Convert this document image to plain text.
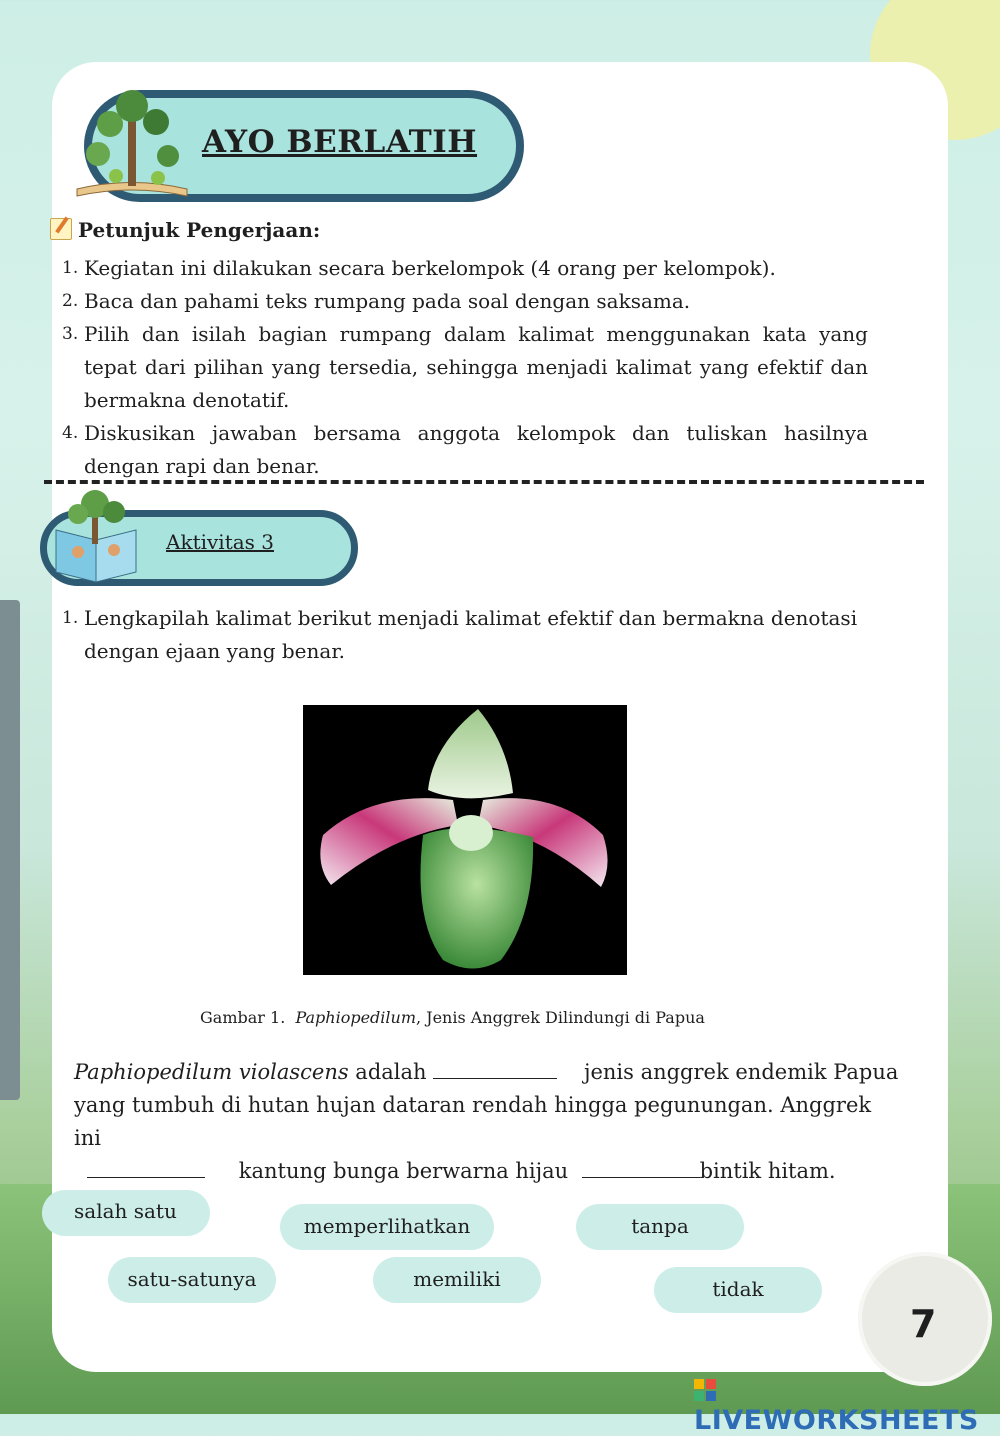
AYO BERLATIH
Petunjuk Pengerjaan:
1. Kegiatan ini dilakukan secara berkelompok (4 orang per kelompok).
2. Baca dan pahami teks rumpang pada soal dengan saksama.
3. Pilih dan isilah bagian rumpang dalam kalimat menggunakan kata yang tepat dari pilihan yang tersedia, sehingga menjadi kalimat yang efektif dan bermakna denotatif.
4. Diskusikan jawaban bersama anggota kelompok dan tuliskan hasilnya dengan rapi dan benar.
Aktivitas 3
1. Lengkapilah kalimat berikut menjadi kalimat efektif dan bermakna denotasi dengan ejaan yang benar.
Gambar 1. Paphiopedilum, Jenis Anggrek Dilindungi di Papua
Paphiopedilum violascens adalah	jenis anggrek endemik Papua yang tumbuh di hutan hujan dataran rendah hingga pegunungan. Anggrek ini
kantung bunga berwarna hijau	bintik hitam.
salah satu
memperlihatkan	tanpa
satu-satunya	memiliki	tidak
7
LIVEWORKSHEETS
